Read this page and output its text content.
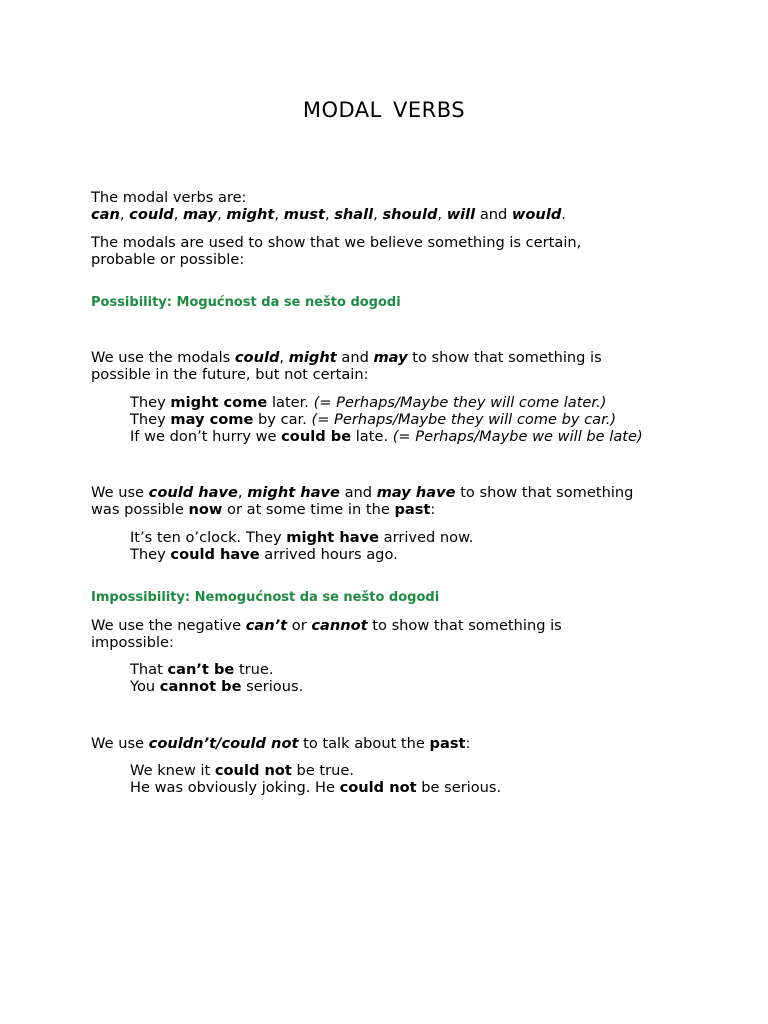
MODAL VERBS

The modal verbs are:

can, could, may, might, must, shall, should, will and would.

The modals are used to show that we believe something is certain,

probable or possible:

Possibility: Mogućnost da se nešto dogodi

We use the modals could, might and may to show that something is

possible in the future, but not certain:

They might come later. (= Perhaps/Maybe they will come later.)

They may come by car. (= Perhaps/Maybe they will come by car.)

If we don’t hurry we could be late. (= Perhaps/Maybe we will be late)

We use could have, might have and may have to show that something

was possible now or at some time in the past:

It’s ten o’clock. They might have arrived now.

They could have arrived hours ago.

Impossibility: Nemogućnost da se nešto dogodi

We use the negative can’t or cannot to show that something is

impossible:

That can’t be true.

You cannot be serious.

We use couldn’t/could not to talk about the past:

We knew it could not be true.

He was obviously joking. He could not be serious.
